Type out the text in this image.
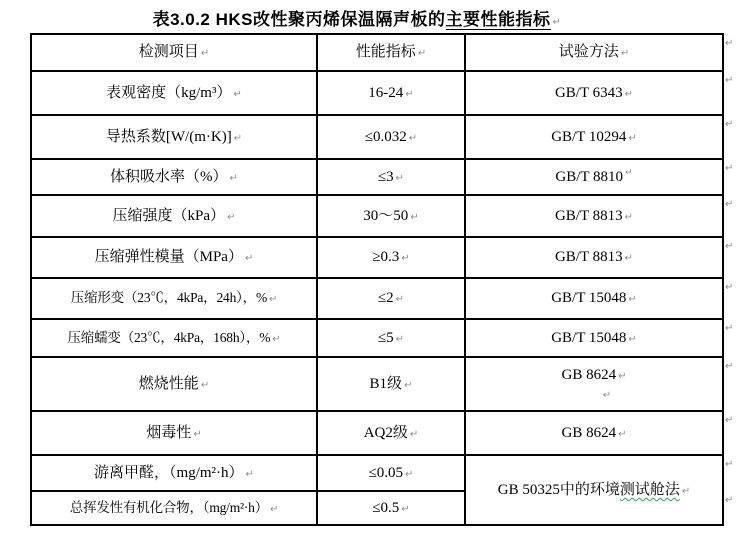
表3.0.2 HKS改性聚丙烯保温隔声板的主要性能指标 ↵
检测项目 ↵	性能指标 ↵	试验方法 ↵
表观密度（kg/m³） ↵	16-24 ↵	GB/T 6343 ↵

导热系数[W/(m·K)] ↵	≤0.032 ↵	GB/T 10294 ↵

体积吸水率（%） ↵	≤3 ↵	GB/T 8810 ↵

压缩强度（kPa） ↵	30～50 ↵	GB/T 8813 ↵

压缩弹性模量（MPa） ↵	≥0.3 ↵	GB/T 8813 ↵

压缩形变（23℃，4kPa，24h），% ↵	≤2 ↵	GB/T 15048 ↵

压缩蠕变（23℃，4kPa，168h），% ↵	≤5 ↵	GB/T 15048 ↵

燃烧性能 ↵	B1级 ↵	GB 8624 ↵
↵

烟毒性 ↵	AQ2级 ↵	GB 8624 ↵

游离甲醛，（mg/m²·h） ↵	≤0.05 ↵	GB 50325中的环境测试舱法 ↵

总挥发性有机化合物，（mg/m²·h） ↵	≤0.5 ↵	
↵
↵
↵
↵
↵
↵
↵
↵
↵
↵
↵
↵
